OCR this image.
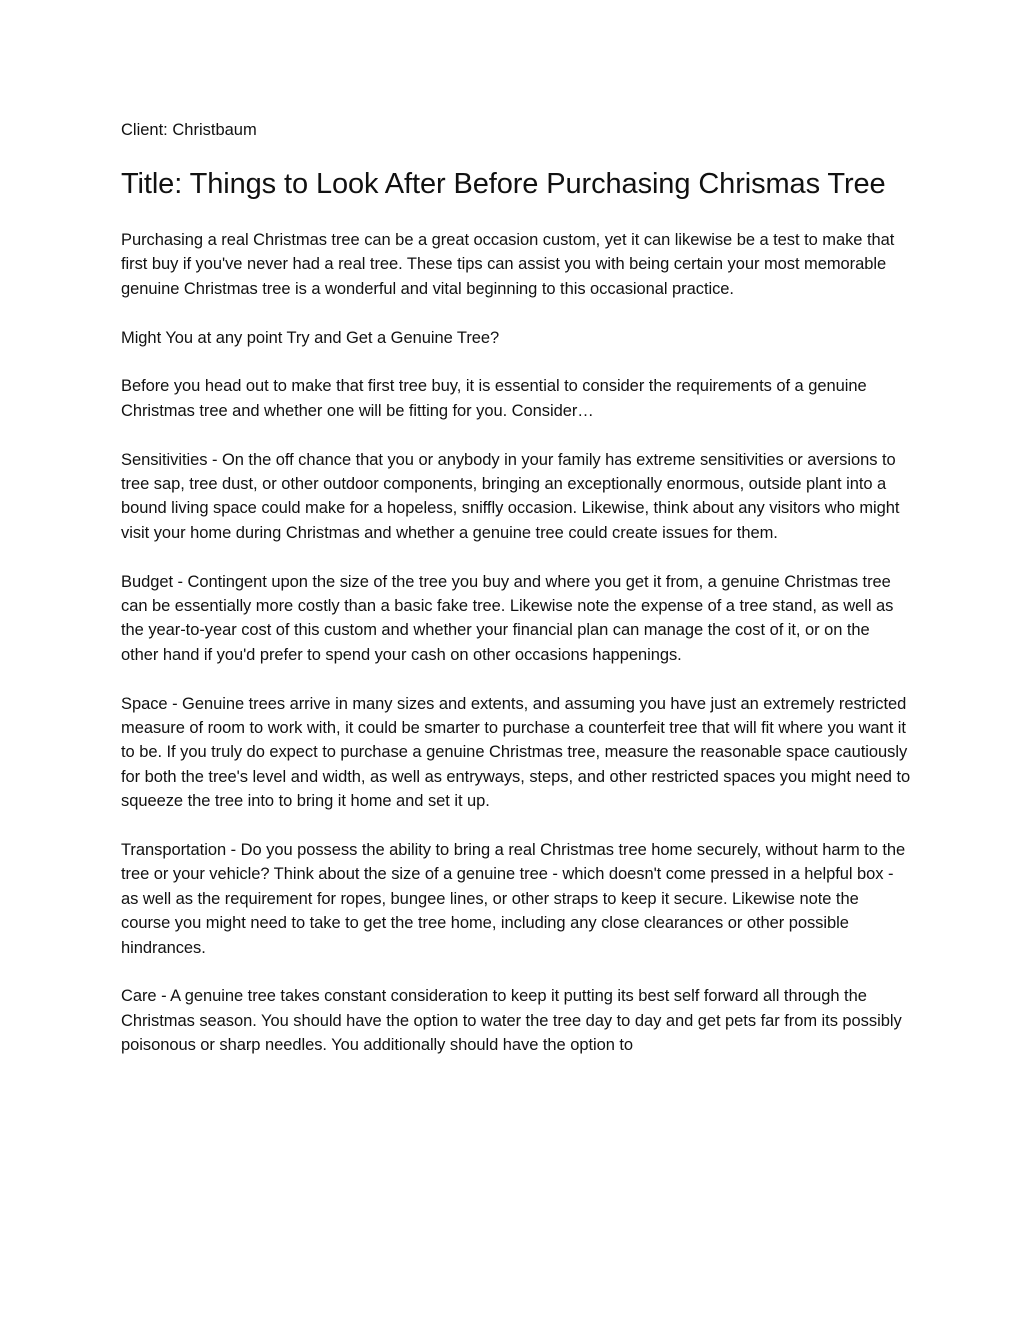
Client: Christbaum

Title: Things to Look After Before Purchasing Chrismas Tree

Purchasing a real Christmas tree can be a great occasion custom, yet it can likewise be a test to make that first buy if you've never had a real tree. These tips can assist you with being certain your most memorable genuine Christmas tree is a wonderful and vital beginning to this occasional practice.

Might You at any point Try and Get a Genuine Tree?

Before you head out to make that first tree buy, it is essential to consider the requirements of a genuine Christmas tree and whether one will be fitting for you. Consider…

Sensitivities - On the off chance that you or anybody in your family has extreme sensitivities or aversions to tree sap, tree dust, or other outdoor components, bringing an exceptionally enormous, outside plant into a bound living space could make for a hopeless, sniffly occasion. Likewise, think about any visitors who might visit your home during Christmas and whether a genuine tree could create issues for them.

Budget - Contingent upon the size of the tree you buy and where you get it from, a genuine Christmas tree can be essentially more costly than a basic fake tree. Likewise note the expense of a tree stand, as well as the year-to-year cost of this custom and whether your financial plan can manage the cost of it, or on the other hand if you'd prefer to spend your cash on other occasions happenings.

Space - Genuine trees arrive in many sizes and extents, and assuming you have just an extremely restricted measure of room to work with, it could be smarter to purchase a counterfeit tree that will fit where you want it to be. If you truly do expect to purchase a genuine Christmas tree, measure the reasonable space cautiously for both the tree's level and width, as well as entryways, steps, and other restricted spaces you might need to squeeze the tree into to bring it home and set it up.

Transportation - Do you possess the ability to bring a real Christmas tree home securely, without harm to the tree or your vehicle? Think about the size of a genuine tree - which doesn't come pressed in a helpful box - as well as the requirement for ropes, bungee lines, or other straps to keep it secure. Likewise note the course you might need to take to get the tree home, including any close clearances or other possible hindrances.

Care - A genuine tree takes constant consideration to keep it putting its best self forward all through the Christmas season. You should have the option to water the tree day to day and get pets far from its possibly poisonous or sharp needles. You additionally should have the option to
